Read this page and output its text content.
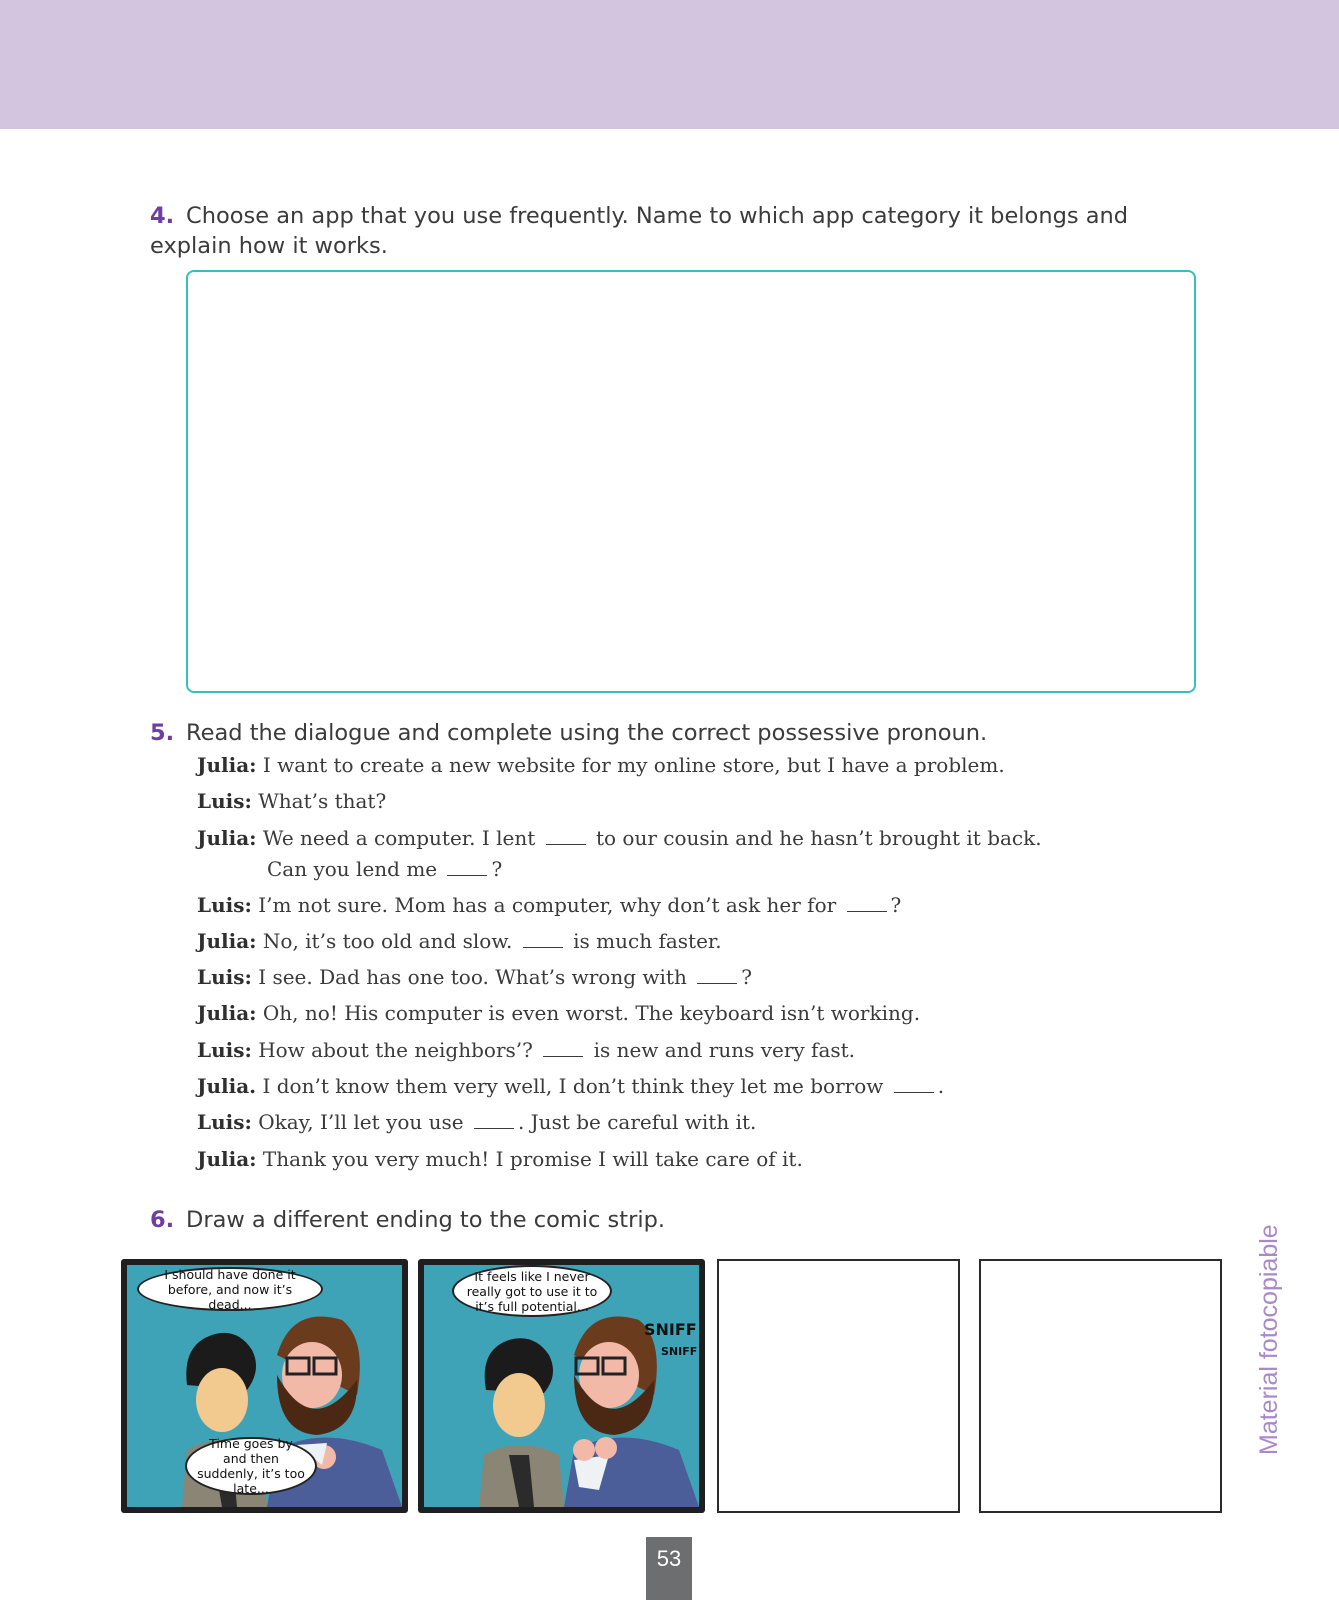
4. Choose an app that you use frequently. Name to which app category it belongs and explain how it works.
5. Read the dialogue and complete using the correct possessive pronoun.
Julia: I want to create a new website for my online store, but I have a problem.
Luis: What’s that?
Julia: We need a computer. I lent  to our cousin and he hasn’t brought it back.
Can you lend me ?
Luis: I’m not sure. Mom has a computer, why don’t ask her for ?
Julia: No, it’s too old and slow.  is much faster.
Luis: I see. Dad has one too. What’s wrong with ?
Julia: Oh, no! His computer is even worst. The keyboard isn’t working.
Luis: How about the neighbors’?  is new and runs very fast.
Julia. I don’t know them very well, I don’t think they let me borrow .
Luis: Okay, I’ll let you use . Just be careful with it.
Julia: Thank you very much! I promise I will take care of it.
6. Draw a different ending to the comic strip.
I should have done it before, and now it’s dead...
Time goes by and then suddenly, it’s too late...
It feels like I never really got to use it to it’s full potential...
SNIFF
SNIFF	Material fotocopiable
53
